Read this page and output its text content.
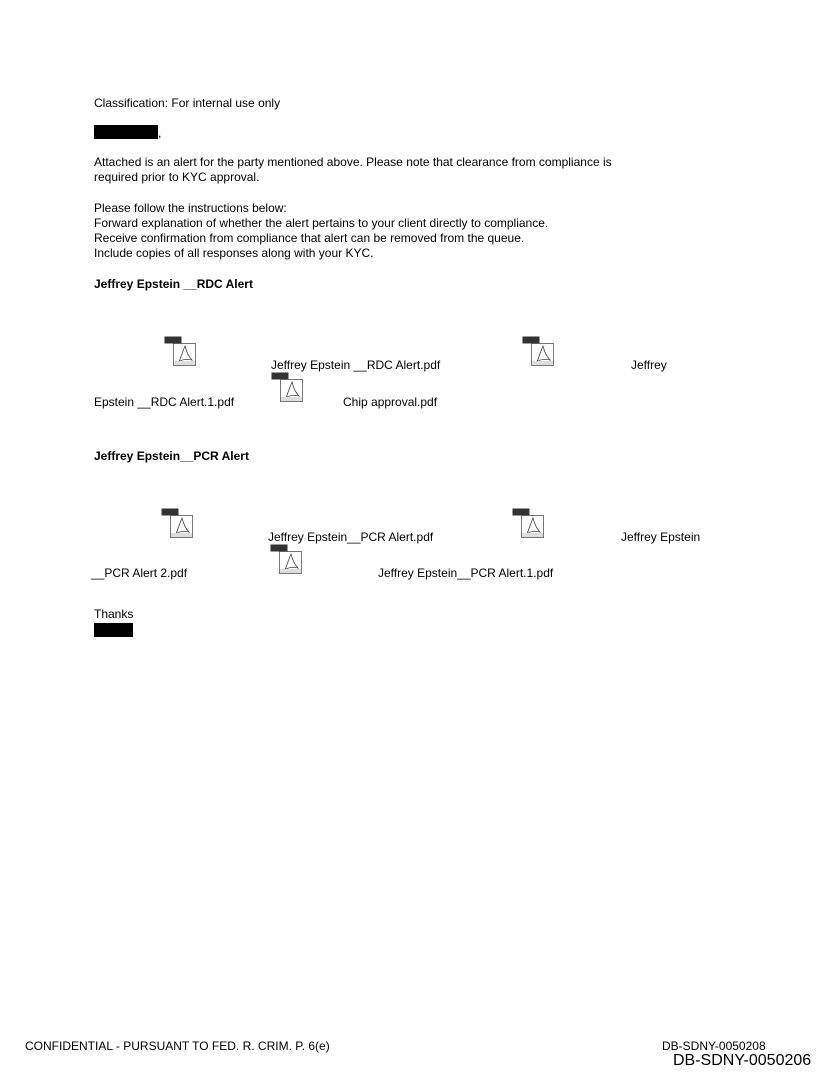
Classification: For internal use only
,
Attached is an alert for the party mentioned above. Please note that clearance from compliance is
required prior to KYC approval.
Please follow the instructions below:
Forward explanation of whether the alert pertains to your client directly to compliance.
Receive confirmation from compliance that alert can be removed from the queue.
Include copies of all responses along with your KYC.
Jeffrey Epstein __RDC Alert
Jeffrey Epstein __RDC Alert.pdf	Jeffrey
Epstein __RDC Alert.1.pdf	Chip approval.pdf
Jeffrey Epstein__PCR Alert
Jeffrey Epstein__PCR Alert.pdf	Jeffrey Epstein
__PCR Alert 2.pdf	Jeffrey Epstein__PCR Alert.1.pdf
Thanks
CONFIDENTIAL - PURSUANT TO FED. R. CRIM. P. 6(e)	DB-SDNY-0050208
DB-SDNY-0050206
